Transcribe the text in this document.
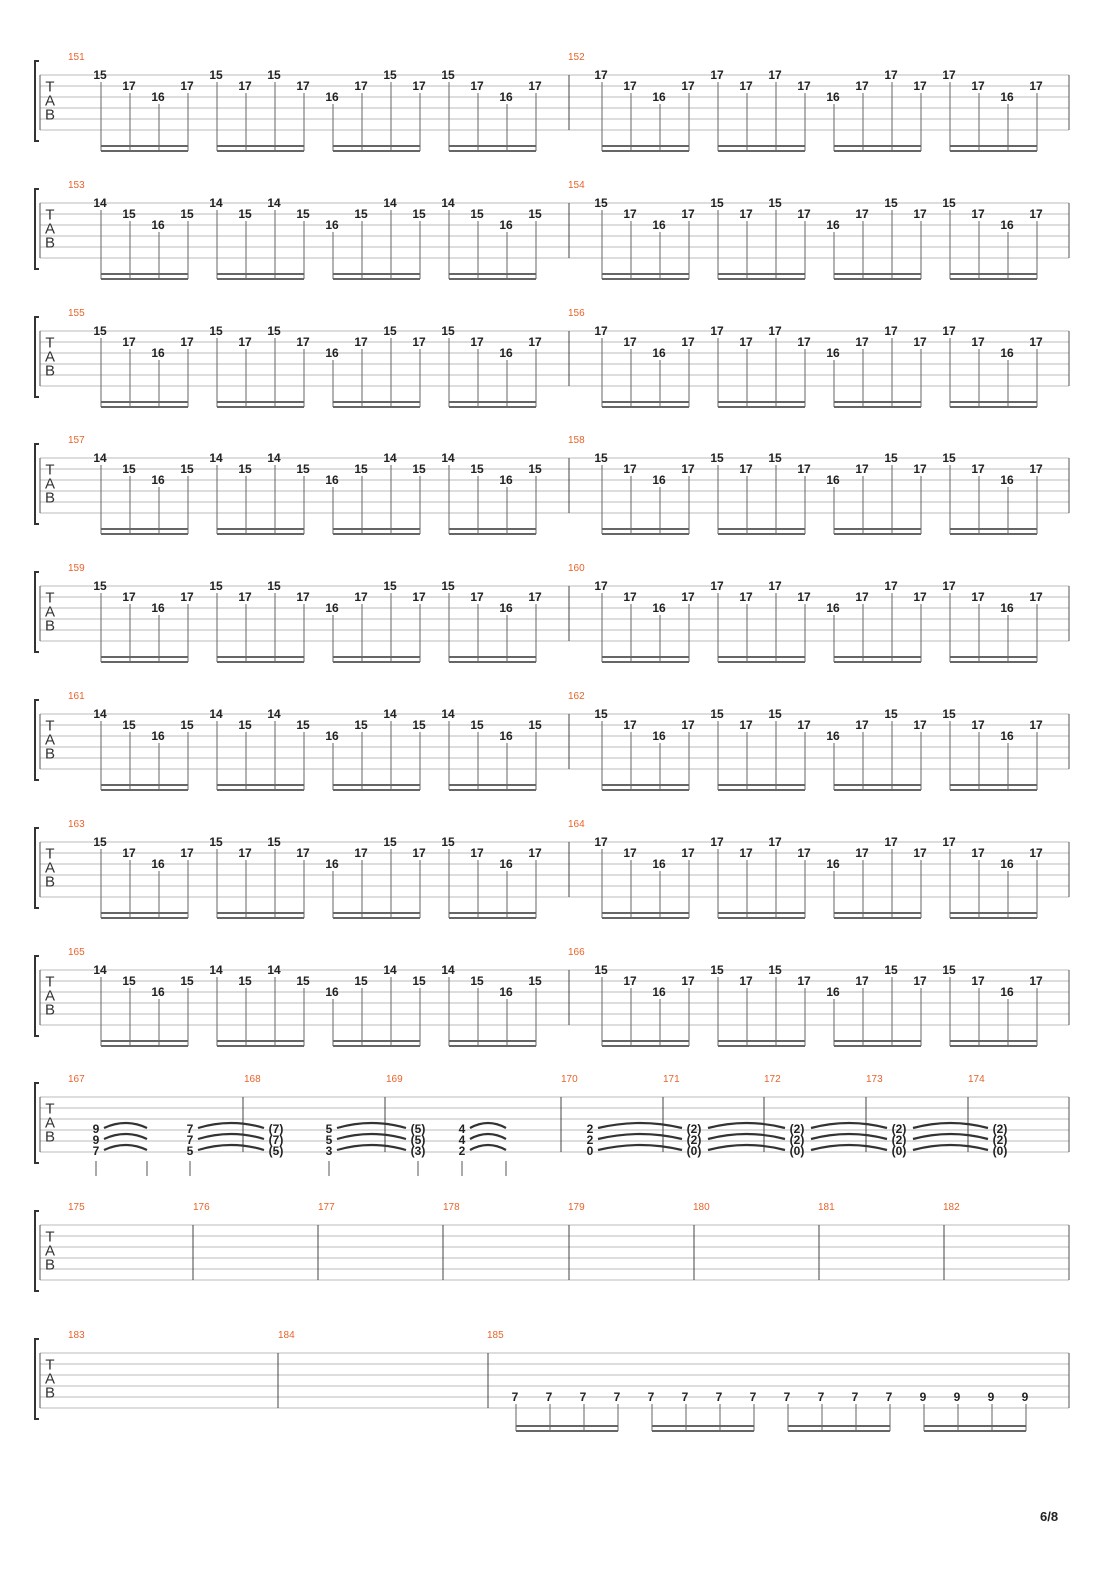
T
A
B
151	152
15
17
16
17
15
17
15
17
16
17
15
17
15
17
16
17
17
17
16
17
17
17
17
17
16
17
17
17
17
17
16
17
T
A
B
153	154
14
15
16
15
14
15
14
15
16
15
14
15
14
15
16
15
15
17
16
17
15
17
15
17
16
17
15
17
15
17
16
17
T
A
B
155	156
15
17
16
17
15
17
15
17
16
17
15
17
15
17
16
17
17
17
16
17
17
17
17
17
16
17
17
17
17
17
16
17
T
A
B
157	158
14
15
16
15
14
15
14
15
16
15
14
15
14
15
16
15
15
17
16
17
15
17
15
17
16
17
15
17
15
17
16
17
T
A
B
159	160
15
17
16
17
15
17
15
17
16
17
15
17
15
17
16
17
17
17
16
17
17
17
17
17
16
17
17
17
17
17
16
17
T
A
B
161	162
14
15
16
15
14
15
14
15
16
15
14
15
14
15
16
15
15
17
16
17
15
17
15
17
16
17
15
17
15
17
16
17
T
A
B
163	164
15
17
16
17
15
17
15
17
16
17
15
17
15
17
16
17
17
17
16
17
17
17
17
17
16
17
17
17
17
17
16
17
T
A
B
165	166
14
15
16
15
14
15
14
15
16
15
14
15
14
15
16
15
15
17
16
17
15
17
15
17
16
17
15
17
15
17
16
17
T
A
B
167	168	169	170	171	172	173	174
9
9
7
7
7
5
(7)
(7)
(5)
5
5
3
(5)
(5)
(3)
4
4
2
2
2
0
(2)
(2)
(0)
(2)
(2)
(0)
(2)
(2)
(0)
(2)
(2)
(0)
T
A
B
175	176	177	178	179	180	181	182
T
A
B
183	184	185
7 7 7 7 7 7 7 7 7 7 7 7 9 9 9 9
6/8
